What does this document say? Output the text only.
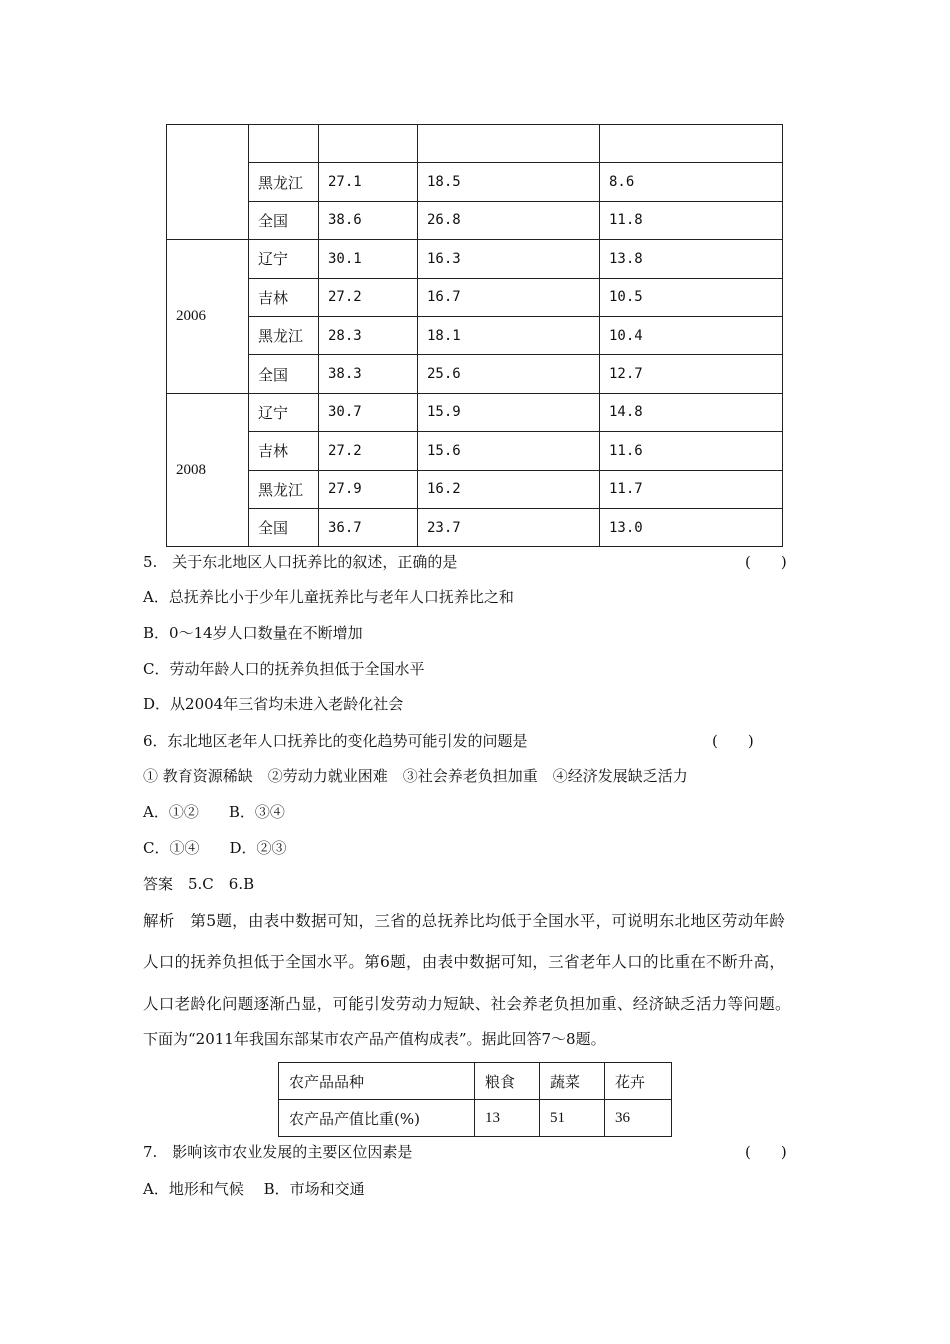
	黑龙江	27.1	18.5	8.6
	全国	38.6	26.8	11.8
2006	辽宁	30.1	16.3	13.8
	吉林	27.2	16.7	10.5
	黑龙江	28.3	18.1	10.4
	全国	38.3	25.6	12.7
2008	辽宁	30.7	15.9	14.8
	吉林	27.2	15.6	11.6
	黑龙江	27.9	16.2	11.7
	全国	36.7	23.7	13.0
5.　关于东北地区人口抚养比的叙述，正确的是	(　　)
A．总抚养比小于少年儿童抚养比与老年人口抚养比之和
B．0～14岁人口数量在不断增加
C．劳动年龄人口的抚养负担低于全国水平
D．从2004年三省均未进入老龄化社会
6．东北地区老年人口抚养比的变化趋势可能引发的问题是	(　　)
① 教育资源稀缺　②劳动力就业困难　③社会养老负担加重　④经济发展缺乏活力
A．①②　　B．③④
C．①④　　D．②③
答案　5.C　6.B
解析　第5题，由表中数据可知，三省的总抚养比均低于全国水平，可说明东北地区劳动年龄
人口的抚养负担低于全国水平。第6题，由表中数据可知，三省老年人口的比重在不断升高，
人口老龄化问题逐渐凸显，可能引发劳动力短缺、社会养老负担加重、经济缺乏活力等问题。
下面为“2011年我国东部某市农产品产值构成表”。据此回答7～8题。
农产品品种	粮食	蔬菜	花卉
农产品产值比重(%)	13	51	36
7.　影响该市农业发展的主要区位因素是	(　　)
A．地形和气候　 B．市场和交通
